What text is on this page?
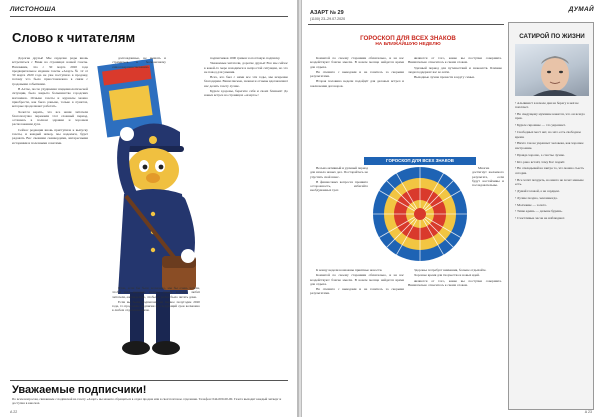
ЛИСТОНОША
Слово к читателям

Дорогие друзья! Мы сердечно рады вновь встретиться с Вами на страницах нашей газеты. Напомним, что с 30 марта 2020 года предварительное издание газеты «Азарт» № 12 от 30 марта 2020 года не уже поступило в продажу, потому что было приостановлено в связи с градовыми событиями.

В Алтае, после ухудшения эпидемиологической ситуации, было закрыто большинство городских магазинов. Отныне газеты и журналы можно приобрести, как было раньше, только в пунктах, которые продолжают работать.

Хочется верить, что все наши читатели благополучно пережили этот сложный период, оставаясь в полном здравии и хорошем расположении духа.

Сейчас редакция вновь приступила к выпуску газеты, и каждый номер, мы надеемся, будет радовать Вас свежими сканвордами, интересными историями и полезными советами.

долгожданные, не мешать и стремиться к бесконечному самосовершенствованию.

Итак, если бы было возможно, мы бы очень хотели, чтобы наш издатель издавал газету, которую любят читатели, еженедельно, чтобы её уютно было читать дома.

Если вы были подписаны на первое полугодие 2020 года, то продление подписки на следующий срок возможно в любом отделении связи.

подписчиков 1000 гривен за почтовую подписку.

Уважаемые читатели, дорогие друзья! Все мы сейчас в какой-то мере находимся в непростой ситуации, но это не повод для уныния.

Всех, кто был с нами все эти годы, мы искренне благодарим. Ваши письма, звонки и отзывы вдохновляют нас делать газету лучше.

Будьте здоровы, берегите себя и своих близких! До новых встреч на страницах «Азарта»!

Уважаемые подписчики!
По всем вопросам, связанным с подпиской на газету «Азарт» вы можете обращаться в отдел продаж или в своё почтовое отделение. Телефон: 044-000-00-00. Газета выходит каждый четверг и доступна в киосках.
A 22
АЗАРТ № 29
(1100) 23–29.07.2020
ДУМАЙ
ГОРОСКОП ДЛЯ ВСЕХ ЗНАКОВ
НА БЛИЖАЙШУЮ НЕДЕЛЮ

Комнатой по своему стараниям обязательно, и на вас воздействуют благие мысли. В новом месяце найдется время для отдыха.

Не спешите с выводами и не гонитесь за скорыми результатами.

Вторая половина недели подойдёт для деловых встреч и заключения договоров.

являются от того, какие вы поступки совершите. Внимательно отнеситесь к своим словам.

Удачный период для путешествий и знакомств. Близкие люди поддержат вас во всём.

Выходные лучше провести в кругу семьи.

ГОРОСКОП ДЛЯ ВСЕХ ЗНАКОВ

Весьма активный и удачный период для начала новых дел. Постарайтесь не упустить свой шанс.

В финансовых вопросах проявите осторожность, избегайте необдуманных трат.

Многие достигнут желаемого результата, если будут настойчивы и последовательны.

К концу недели возможны приятные новости.

Комнатой по своему стараниям обязательно, и на вас воздействуют благие мысли. В новом месяце найдется время для отдыха.

Не спешите с выводами и не гонитесь за скорыми результатами.

Здоровье потребует внимания, больше отдыхайте.

Хорошее время для творчества и новых идей.

являются от того, какие вы поступки совершите. Внимательно отнеситесь к своим словам.

САТИРОЙ ПО ЖИЗНИ
• Альпинист в начале дня на берегу в неё не поплачет.
• Не сведущему мужчине кажется, что он всегда прав.
• Будьте скромнее — это украшает.
• Свободных мест нет, но зато есть свободное время.
• Ничто так не украшает человека, как хорошее настроение.
• Правда хорошо, а счастье лучше.
• Кто рано встаёт, тому Бог подаёт.
• Не откладывай на завтра то, что можно съесть сегодня.
• Все хотят похудеть, но никто не хочет меньше есть.
• Думай головой, а не сердцем.
• Лучше поздно, чем никогда.
• Молчание — золото.
• Тише едешь — дальше будешь.
• Счастливые часов не наблюдают.
A 23
